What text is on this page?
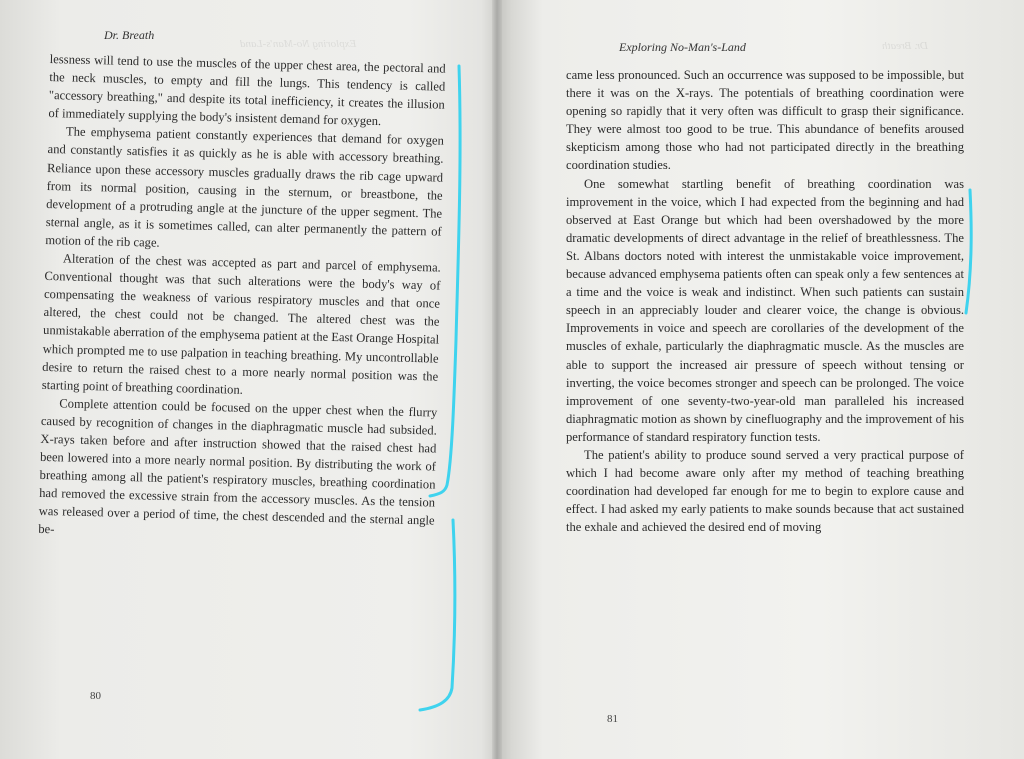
Dr. Breath
Exploring No-Man's-Land

lessness will tend to use the muscles of the upper chest area, the pectoral and the neck muscles, to empty and fill the lungs. This tendency is called "accessory breathing," and despite its total inefficiency, it creates the illusion of immediately supplying the body's insistent demand for oxygen.

The emphysema patient constantly experiences that demand for oxygen and constantly satisfies it as quickly as he is able with accessory breathing. Reliance upon these accessory muscles gradually draws the rib cage upward from its normal position, causing in the sternum, or breastbone, the development of a protruding angle at the juncture of the upper segment. The sternal angle, as it is sometimes called, can alter permanently the pattern of motion of the rib cage.

Alteration of the chest was accepted as part and parcel of emphysema. Conventional thought was that such alterations were the body's way of compensating the weakness of various respiratory muscles and that once altered, the chest could not be changed. The altered chest was the unmistakable aberration of the emphysema patient at the East Orange Hospital which prompted me to use palpation in teaching breathing. My uncontrollable desire to return the raised chest to a more nearly normal position was the starting point of breathing coordination.

Complete attention could be focused on the upper chest when the flurry caused by recognition of changes in the diaphragmatic muscle had subsided. X-rays taken before and after instruction showed that the raised chest had been lowered into a more nearly normal position. By distributing the work of breathing among all the patient's respiratory muscles, breathing coordination had removed the excessive strain from the accessory muscles. As the tension was released over a period of time, the chest descended and the sternal angle be-

80
Exploring No-Man's-Land	Dr. Breath

came less pronounced. Such an occurrence was supposed to be impossible, but there it was on the X-rays. The potentials of breathing coordination were opening so rapidly that it very often was difficult to grasp their significance. They were almost too good to be true. This abundance of benefits aroused skepticism among those who had not participated directly in the breathing coordination studies.

One somewhat startling benefit of breathing coordination was improvement in the voice, which I had expected from the beginning and had observed at East Orange but which had been overshadowed by the more dramatic developments of direct advantage in the relief of breathlessness. The St. Albans doctors noted with interest the unmistakable voice improvement, because advanced emphysema patients often can speak only a few sentences at a time and the voice is weak and indistinct. When such patients can sustain speech in an appreciably louder and clearer voice, the change is obvious. Improvements in voice and speech are corollaries of the development of the muscles of exhale, particularly the diaphragmatic muscle. As the muscles are able to support the increased air pressure of speech without tensing or inverting, the voice becomes stronger and speech can be prolonged. The voice improvement of one seventy-two-year-old man paralleled his increased diaphragmatic motion as shown by cinefluography and the improvement of his performance of standard respiratory function tests.

The patient's ability to produce sound served a very practical purpose of which I had become aware only after my method of teaching breathing coordination had developed far enough for me to begin to explore cause and effect. I had asked my early patients to make sounds because that act sustained the exhale and achieved the desired end of moving

81
